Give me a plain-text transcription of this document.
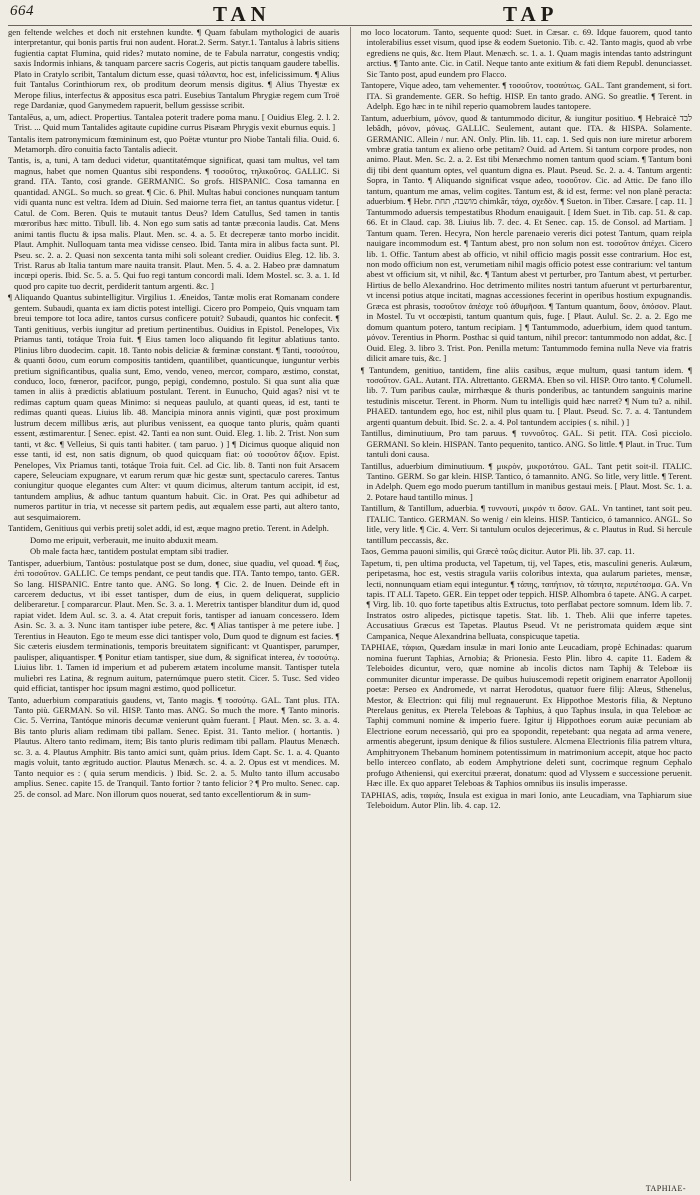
664	TAN	TAP

gen feltende welches et doch nit erstehnen kundte. ¶ Quam fabulam mythologici de auaris interpretantur, qui bonis partis frui non audent. Horat.2. Serm. Satyr.1. Tantalus à labris sitiens fugientia captat Flumina, quid rides? mutato nomine, de te Fabula narratur, congestis vndiq; saxis Indormis inhians, & tanquam parcere sacris Cogeris, aut pictis tanquam gaudere tabellis. Plato in Cratylo scribit, Tantalum dictum esse, quasi τάλαντα, hoc est, infelicissimum. ¶ Alius fuit Tantalus Corinthiorum rex, ob proditum deorum mensis digitus. ¶ Alius Thyestæ ex Merope filius, interfectus & appositus esca patri. Eusebius Tantalum Phrygiæ regem cum Troë rege Dardaniæ, quod Ganymedem rapuerit, bellum gessisse scribit.

Tantalēus, a, um, adiect. Propertius. Tantalea poterit tradere poma manu. [ Ouidius Eleg. 2. l. 2. Trist. ... Quid mum Tantalides agitaute cupidine currus Pisæam Phrygis vexit eburnus equis. ]

Tantalis item patronymicum fœmininum est, quo Poëtæ vtuntur pro Niobe Tantali filia. Ouid. 6. Metamorph. dîro conuitia facto Tantalis adiecit.

Tantis, is, a, tuni, A tam deduci videtur, quantitatémque significat, quasi tam multus, vel tam magnus, habet que nomen Quantus sibi respondens. ¶ τοσοῦτος, τηλικοῦτος. GALLIC. Si grand. ITA. Tanto, così grande. GERMANIC. So grofs. HISPANIC. Cosa tamanna en quantidad. ANGL. So much. so great. ¶ Cic. 6. Phil. Multas habui conciones nunquam tantum vidi quanta nunc est veltra. Idem ad Diuin. Sed maiorne terra fiet, an tantus quantus videtur. [ Catul. de Com. Beren. Quis te mutauit tantus Deus? Idem Catullus, Sed tamen in tantis mœroribus hæc mitto. Tibull. lib. 4. Non ego sum satis ad tantæ præconia laudis. Cat. Mens animi tantis fluctu & ipsa malis. Plaut. Men. sc. 4. a. 5. Et decreperæ tanto morbo incidit. Plaut. Amphit. Nulloquam tanta mea vidisse censeo. Ibid. Tanta mira in alibus facta sunt. Pl. Pseu. sc. 2. a. 2. Quasi non sexcenta tanta mihi soli soleant credier. Ouidius Eleg. 12. lib. 3. Trist. Rarus ab Italia tantum mare nauita transit. Plaut. Men. 5. 4. a. 2. Habeo præ damnatum incœpi operis. Ibid. Sc. 5. a. 5. Qui fuo regi tantum concordi mali. Idem Mostel. sc. 3. a. 1. Id quod pro capite tuo decrit, perdiderit tantum argenti. &c. ]

¶ Aliquando Quantus subintelligitur. Virgilius 1. Æneidos, Tantæ molis erat Romanam condere gentem. Subaudi, quanta ex iam dictis potest intelligi. Cicero pro Pompeio, Quis vnquam tam breui tempore tot loca adire, tantos cursus conficere potuit? Subaudi, quantos hic confecit. ¶ Tanti genitiuus, verbis iungitur ad pretium pertinentibus. Ouidius in Epistol. Penelopes, Vix Priamus tanti, totáque Troia fuit. ¶ Eius tamen loco aliquando fit legitur ablatiuus tanto. Plinius libro duodecim. capit. 18. Tanto nobis deliciæ & fœminæ constant. ¶ Tanti, τοσούτου, & quanti ὅσου, cum eorum compositis tantidem, quantilibet, quanticunque, iunguntur verbis pretium significantibus, qualia sunt, Emo, vendo, veneo, mercor, comparo, æstimo, constat, conduco, loco, fœneror, pacifcor, pungo, pepigi, condemno, postulo. Si qua sunt alia quæ tamen in aliis à prædictis ablatiuum postulant. Terent. in Eunucho, Quid agas? nisi vt te redimas captum quam queas Minimo: si nequeas paululo, at quanti queas, id est, tanti te redimas quanti queas. Liuius lib. 48. Mancipia minora annis viginti, quæ post proximum lustrum decem millibus æris, aut pluribus venissent, ea quoque tanto pluris, quàm quanti essent, æstimarentur. [ Senec. epist. 42. Tanti ea non sunt. Ouid. Eleg. 1. lib. 2. Trist. Non sum tanti, vt &c. ¶ Velleius, Si quis tanti habiter. ( tam paruo. ) ] ¶ Dicimus quoque aliquid non esse tanti, id est, non satis dignum, ob quod quicquam fiat: οὐ τοσοῦτον ἄξιον. Epist. Penelopes, Vix Priamus tanti, totáque Troia fuit. Cel. ad Cic. lib. 8. Tanti non fuit Arsacem capere, Seleuciam expugnare, vt earum rerum quæ hic gestæ sunt, spectaculo careres. Tantus coniungitur quoque elegantes cum Alter: vt quum dicimus, alterum tantum accipit, id est, tantundem amplius, & adhuc tantum quantum habuit. Cic. in Orat. Pes qui adhibetur ad numeros partitur in tria, vt necesse sit partem pedis, aut æqualem esse parti, aut altero tanto, aut sesquimaiorem.

Tantidem, Genitiuus qui verbis pretij solet addi, id est, æque magno pretio. Terent. in Adelph.

Domo me eripuit, verberauit, me inuito abduxit meam.

Ob male facta hæc, tantidem postulat emptam sibi tradier.

Tantisper, aduerbium, Tantòus: postulatque post se dum, donec, siue quadiu, vel quoad. ¶ ἕως, ἐπὶ τοσοῦτον. GALLIC. Ce temps pendant, ce peut tandis que. ITA. Tanto tempo, tanto. GER. So lang. HISPANIC. Entre tanto que. ANG. So long. ¶ Cic. 2. de Inuen. Deinde eft in carcerem deductus, vt ibi esset tantisper, dum de eius, in quem deliquerat, supplicio deliberaretur. [ compararcur. Plaut. Men. Sc. 3. a. 1. Meretrix tantisper blanditur dum id, quod rapiat videt. Idem Aul. sc. 3. a. 4. Atat crepuit foris, tantisper ad ianuam concessero. Idem Asin. Sc. 3. a. 3. Nunc itam tantisper iube petere, &c. ¶ Alias tantisper à me petere iube. ] Terentius in Heauton. Ego te meum esse dici tantisper volo, Dum quod te dignum est facies. ¶ Sic cæteris eiusdem terminationis, temporis breuitatem significant: vt Quantisper, parumper, paulisper, aliquantisper. ¶ Ponitur etiam tantisper, siue dum, & significat interea, ἐν τοσούτῳ. Liuius libr. 1. Tamen id imperium et ad puberem ætatem incolume mansit. Tantisper tutela muliebri res Latina, & regnum auitum, paternúmque puero stetit. Cicer. 5. Tusc. Sed video quid efficiat, tantisper hoc ipsum magni æstimo, quod pollicetur.

Tanto, aduerbium comparatiuis gaudens, vt, Tanto magis. ¶ τοσούτῳ. GAL. Tant plus. ITA. Tanto più. GERMAN. So vil. HISP. Tanto mas. ANG. So much the more. ¶ Tanto minoris. Cic. 5. Verrina, Tantóque minoris decumæ venierunt quàm fuerant. [ Plaut. Men. sc. 3. a. 4. Bis tanto pluris aliam redimam tibi pallam. Senec. Epist. 31. Tanto melior. ( hortantis. ) Plautus. Altero tanto redimam, item; Bis tanto pluris redimam tibi pallam. Plautus Menæch. sc. 3. a. 4. Plautus Amphitr. Bis tanto amici sunt, quàm prius. Idem Capt. Sc. 1. a. 4. Quanto magis voluit, tanto ægritudo auctior. Plautus Menæch. sc. 4. a. 2. Opus est vt mendices. M. Tanto nequior es : ( quia serum mendicis. ) Ibid. Sc. 2. a. 5. Multo tanto illum accusabo amplius. Senec. capite 15. de Tranquil. Tanto fortior ? tanto felicior ? ¶ Pro multo. Senec. cap. 25. de consol. ad Marc. Non illorum quos nouerat, sed tanto excellentiorum & in sum-

mo loco locatorum. Tanto, sequente quod: Suet. in Cæsar. c. 69. Idque fauorem, quod tanto intolerabilius esset visum, quod ipse & eodem Suetonio. Tib. c. 42. Tanto magis, quod ab vrbe egrediens ne quis, &c. Item Plaut. Menæch. sc. 1. a. 1. Quam magis intendas tanto adstringunt arctius. ¶ Tanto ante. Cic. in Catil. Neque tanto ante exitium & fati diem Republ. denunciasset. Sic Tanto post, apud eundem pro Flacco.

Tantopere, Vique adeo, tam vehementer. ¶ τοσοῦτον, τοσαύτως. GAL. Tant grandement, si fort. ITA. Sì grandemente. GER. So heftig. HISP. En tanto grado. ANG. So greatlie. ¶ Terent. in Adelph. Ego hæc in te nihil reperio quamobrem laudes tantopere.

Tantum, aduerbium, μόνον, quod & tantummodo dicitur, & iungitur positiuo. ¶ Hebraicè לבד lebâdh, μόνον, μόνως. GALLIC. Seulement, autant que. ITA. & HISPA. Solamente. GERMANIC. Allein / nur. AN. Only. Plin. lib. 11. cap. 1. Sed quis non iure miretur arborem vmbræ gratia tantum ex alieno orbe petitam? Ouid. ad Artem. Si tantum corpore prodes, non animo. Plaut. Men. Sc. 2. a. 2. Est tibi Menæchmo nomen tantum quod sciam. ¶ Tantum boni dij tibi dent quantum optes, vel quantum digna es. Plaut. Pseud. Sc. 2. a. 4. Tantum argenti: Sopra, in Tanto. ¶ Aliquando significat vsque adeo, τοσοῦτον. Cic. ad Attic. De fano illo tantum, quantum me amas, velim cogites. Tantum est, & id est, ferme: vel non planè peracta: aduerbium. ¶ Hebr. מושבה, תחת chimkâr, τάχα, σχεδὸν. ¶ Sueton. in Tiber. Cæsare. [ cap. 11. ] Tantummodo aduersis tempestatibus Rhodum enauigauit. [ Idem Suet. in Tib. cap. 51. & cap. 66. Et in Claud. cap. 38. Liuius lib. 7. dec. 4. Et Senec. cap. 15. de Consol. ad Martiam. ] Tantum quam. Teren. Hecyra, Non hercle parenaeio vereris dici potest Tantum, quam reipla nauigare incommodum est. ¶ Tantum abest, pro non solum non est. τοσοῦτον ἀπέχει. Cicero lib. 1. Offic. Tantum abest ab officio, vt nihil officio magis possit esse contrarium. Hoc est, non modo officium non est, verumetiam nihil magis officio potest esse contrarium: vel tantum abest vt officium sit, vt nihil, &c. ¶ Tantum abest vt perturber, pro Tantum abest, vt perturber. Hirtius de bello Alexandrino. Hoc detrimento milites nostri tantum afuerunt vt perturbarentur, vt incensi potius atque incitati, magnas accessiones fecerint in operibus hostium expugnandis. Græca est phrasis, τοσοῦτον ἀπέσχε τοῦ ἀθυμῆσαι. ¶ Tantum quantum, ὅσον, ὁπόσον. Plaut. in Mostel. Tu vt occœpisti, tantum quantum quis, fuge. [ Plaut. Aulul. Sc. 2. a. 2. Ego me domum quantum potero, tantum recipiam. ] ¶ Tantummodo, aduerbium, idem quod tantum. μόνον. Terentius in Phorm. Posthac si quid tantum, nihil precor: tantummodo non addat, &c. [ Ouid. Eleg. 3. libro 3. Trist. Pon. Penilla metum: Tantummodo femina nulla Neve via fratris dilicit amare tuis, &c. ]

¶ Tantundem, genitiuo, tantidem, fine aliis casibus, æque multum, quasi tantum idem. ¶ τοσοῦτον. GAL. Autant. ITA. Altrettanto. GERMA. Eben so vil. HISP. Otro tanto. ¶ Columell. lib. 7. Tum paribus caulæ, mirrhæque & thuris ponderibus, ac tantundem sanguinis marine testudinis miscetur. Terent. in Phorm. Num tu intelligis quid hæc narret? ¶ Num tu? a. nihil. PHAED. tantundem ego, hoc est, nihil plus quam tu. [ Plaut. Pseud. Sc. 7. a. 4. Tantundem argenti quantum debuit. Ibid. Sc. 2. a. 4. Pol tantundem accipies ( s. nihil. ) ]

Tantillus, diminutiuum, Pro tam paruus. ¶ τυννοῦτος. GAL. Si petit. ITA. Così picciolo. GERMANI. So klein. HISPAN. Tanto pequenito, tantico. ANG. So little. ¶ Plaut. in Truc. Tum tantuli doni causa.

Tantillus, aduerbium diminutiuum. ¶ μικρὸν, μικροτάτου. GAL. Tant petit soit-il. ITALIC. Tantino. GERM. So gar klein. HISP. Tantico, ó tamannito. ANG. So litle, very little. ¶ Terent. in Adelph. Quem ego modo puerum tantillum in manibus gestaui meis. [ Plaut. Most. Sc. 1. a. 2. Potare haud tantillo minus. ]

Tantillum, & Tantillum, aduerbia. ¶ τυννουτί, μικρόν τι ὅσον. GAL. Vn tantinet, tant soit peu. ITALIC. Tantico. GERMAN. So wenig / ein kleins. HISP. Tanticico, ó tamannico. ANGL. So litle, very litle. ¶ Cic. 4. Verr. Si tantulum oculos dejecerimus, & c. Plautus in Rud. Si hercule tantillum peccassis, &c.

Taos, Gemma pauoni similis, qui Græcè ταῶς dicitur. Autor Pli. lib. 37. cap. 11.

Tapetum, ti, pen ultima producta, vel Tapetum, tij, vel Tapes, etis, masculini generis. Aulæum, peripetasma, hoc est, vestis stragula variis coloribus intexta, qua aularum parietes, mensæ, lecti, nonnunquam etiam equi integuntur. ¶ τάπης, ταπήτιον, τὰ τάπητα, περιπέτασμα. GA. Vn tapis. IT ALI. Tapeto. GER. Ein teppet oder teppich. HISP. Alhombra ó tapete. ANG. A carpet. ¶ Virg. lib. 10. quo forte tapetibus altis Extructus, toto perflabat pectore somnum. Idem lib. 7. Instratos ostro alipedes, pictisque tapetis. Stat. lib. 1. Theb. Alii que inferre tapetes. Accusatiuus Græcus est Tapetas. Plautus Pseud. Vt ne peristromata quidem æque sint Campanica, Neque Alexandrina belluata, conspicuque tapetia.

TAPHIAE, τάφιαι, Quædam insulæ in mari Ionio ante Leucadiam, propè Echinadas: quarum nomina fuerunt Taphias, Arnobia; & Prionesia. Festo Plin. libro 4. capite 11. Eadem & Teleboides dicuntur, vero, quæ nomine ab incolis dictos nam Taphij & Teleboæ iis communiter dicuntur imperasse. De quibus huiuscemodi repetit originem enarrator Apollonij poetæ: Perseo ex Andromede, vt narrat Herodotus, quatuor fuere filij: Alæus, Sthenelus, Mestor, & Electrion: qui filij mul regnauerunt. Ex Hippothoe Mestoris filia, & Neptuno Pterelaus genitus, ex Pterela Teleboas & Taphius, à quo Taphus insula, in qua Teleboæ ac Taphij communi nomine & imperio fuere. Igitur ij Hippothoes eorum auiæ pecuniam ab Electrione eorum necessariò, qui pro ea spopondit, repetebant: qua negata ad arma venere, armentis abegerunt, ipsum denique & filios sustulere. Alcmena Electrionis filia patrem vltura, Amphitryonem Thebanum hominem potentissimum in matrimonium accepit, atque hoc pacto bello interceo conflato, ab eodem Amphytrione deleti sunt, cocrimque regnum Cephalo profugo Atheniensi, qui exercitui præerat, donatum: quod ad Vlyssem e successione peruenit. Hæc ille. Ex quo apparet Teleboas & Taphios omnibus iis insulis imperasse.

TAPHIAS, adis, ταφιὰς, Insula est exigua in mari Ionio, ante Leucadiam, vna Taphiarum siue Teleboidum. Autor Plin. lib. 4. cap. 12.

TAPHIAE-
